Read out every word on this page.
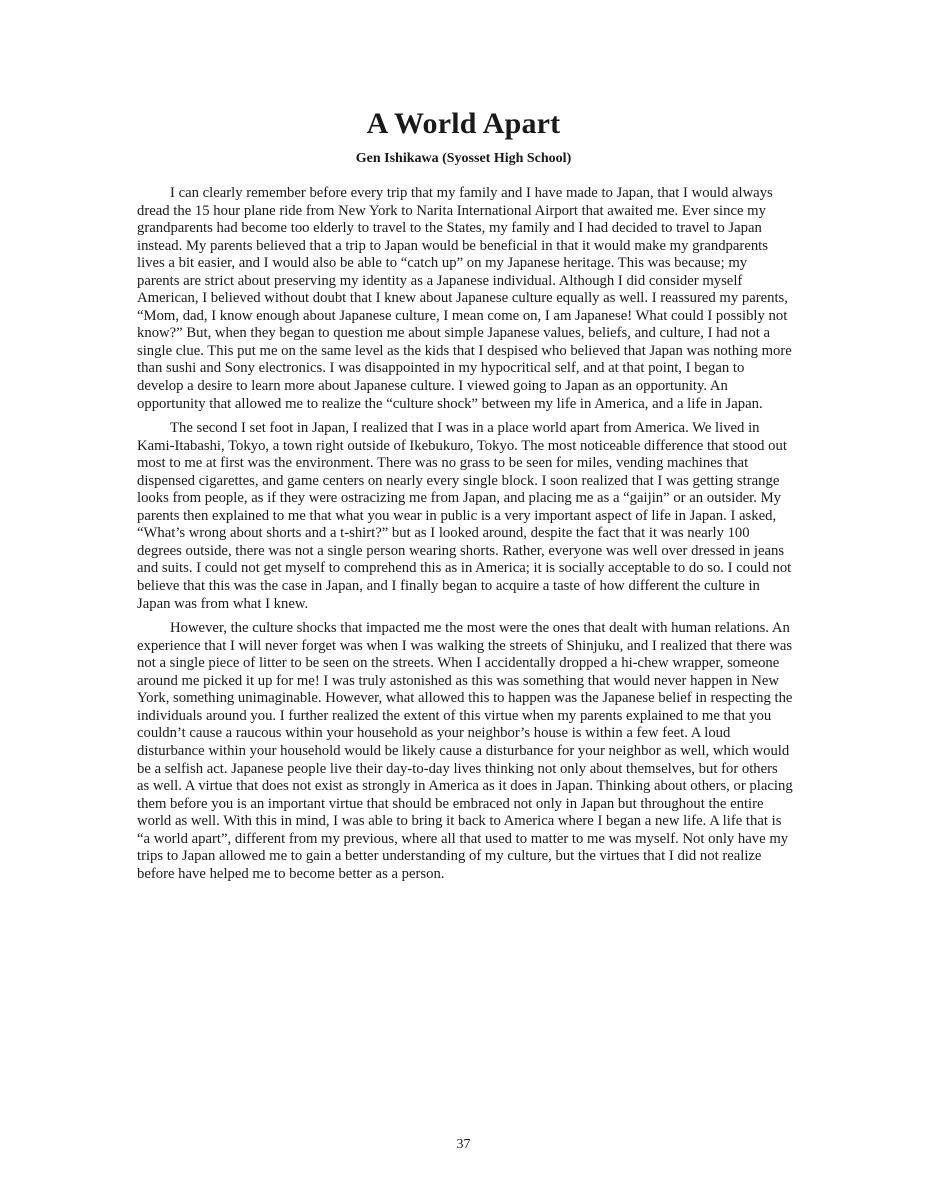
A World Apart
Gen Ishikawa (Syosset High School)

I can clearly remember before every trip that my family and I have made to Japan, that I would always dread the 15 hour plane ride from New York to Narita International Airport that awaited me. Ever since my grandparents had become too elderly to travel to the States, my family and I had decided to travel to Japan instead. My parents believed that a trip to Japan would be beneficial in that it would make my grandparents lives a bit easier, and I would also be able to “catch up” on my Japanese heritage. This was because; my parents are strict about preserving my identity as a Japanese individual. Although I did consider myself American, I believed without doubt that I knew about Japanese culture equally as well. I reassured my parents, “Mom, dad, I know enough about Japanese culture, I mean come on, I am Japanese! What could I possibly not know?” But, when they began to question me about simple Japanese values, beliefs, and culture, I had not a single clue. This put me on the same level as the kids that I despised who believed that Japan was nothing more than sushi and Sony electronics. I was disappointed in my hypocritical self, and at that point, I began to develop a desire to learn more about Japanese culture. I viewed going to Japan as an opportunity. An opportunity that allowed me to realize the “culture shock” between my life in America, and a life in Japan.

The second I set foot in Japan, I realized that I was in a place world apart from America. We lived in Kami-Itabashi, Tokyo, a town right outside of Ikebukuro, Tokyo. The most noticeable difference that stood out most to me at first was the environment. There was no grass to be seen for miles, vending machines that dispensed cigarettes, and game centers on nearly every single block. I soon realized that I was getting strange looks from people, as if they were ostracizing me from Japan, and placing me as a “gaijin” or an outsider. My parents then explained to me that what you wear in public is a very important aspect of life in Japan. I asked, “What’s wrong about shorts and a t-shirt?” but as I looked around, despite the fact that it was nearly 100 degrees outside, there was not a single person wearing shorts. Rather, everyone was well over dressed in jeans and suits. I could not get myself to comprehend this as in America; it is socially acceptable to do so. I could not believe that this was the case in Japan, and I finally began to acquire a taste of how different the culture in Japan was from what I knew.

However, the culture shocks that impacted me the most were the ones that dealt with human relations. An experience that I will never forget was when I was walking the streets of Shinjuku, and I realized that there was not a single piece of litter to be seen on the streets. When I accidentally dropped a hi-chew wrapper, someone around me picked it up for me! I was truly astonished as this was something that would never happen in New York, something unimaginable. However, what allowed this to happen was the Japanese belief in respecting the individuals around you. I further realized the extent of this virtue when my parents explained to me that you couldn’t cause a raucous within your household as your neighbor’s house is within a few feet. A loud disturbance within your household would be likely cause a disturbance for your neighbor as well, which would be a selfish act. Japanese people live their day-to-day lives thinking not only about themselves, but for others as well. A virtue that does not exist as strongly in America as it does in Japan. Thinking about others, or placing them before you is an important virtue that should be embraced not only in Japan but throughout the entire world as well. With this in mind, I was able to bring it back to America where I began a new life. A life that is “a world apart”, different from my previous, where all that used to matter to me was myself. Not only have my trips to Japan allowed me to gain a better understanding of my culture, but the virtues that I did not realize before have helped me to become better as a person.

37
